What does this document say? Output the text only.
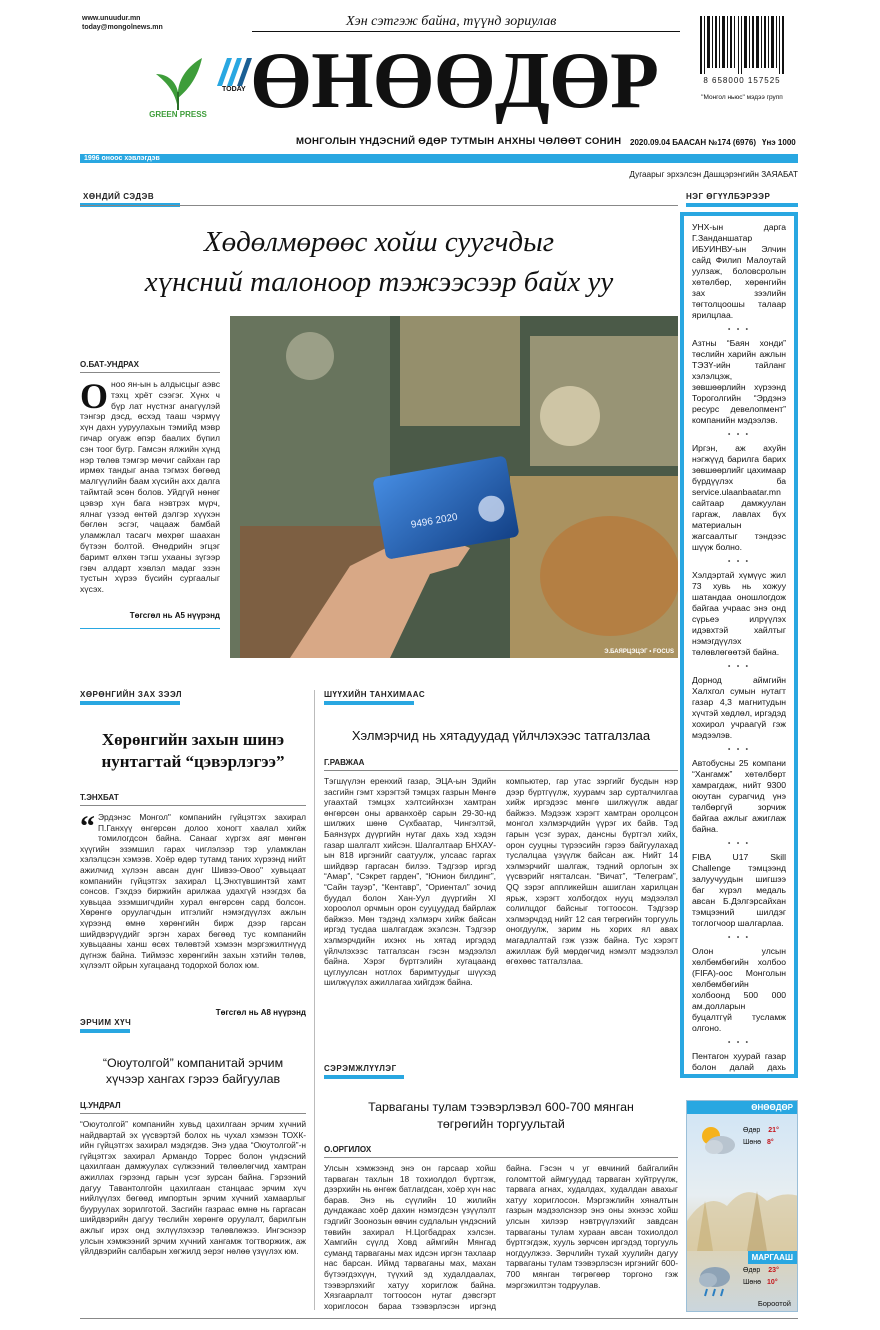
www.unuudur.mn
today@mongolnews.mn	Хэн сэтгэж байна, түүнд зориулав
GREEN PRESS
TODAY ӨНӨӨДӨР	8 658000 157525
"Монгол ньюс" мэдээ групп
МОНГОЛЫН ҮНДЭСНИЙ ӨДӨР ТУТМЫН АНХНЫ ЧӨЛӨӨТ СОНИН 2020.09.04 БААСАН №174 (6976) Үнэ 1000
1996 оноос хэвлэгдэв
Дугаарыг эрхэлсэн Дашцэрэнгийн ЗАЯАБАТ
ХӨНДИЙ СЭДЭВ
Хөдөлмөрөөс хойш суугчдыг
хүнсний талоноор тэжээсээр байх уу
О.БАТ-УНДРАХ
О ноо ян-ын ь алдысцыг аэвс тэхц хрёт сээгэг. Хүнх ч бүр лат нүстнзг анагүүлэй тэнгэр дэсд, өсхэд тааш чэрмүү хүн дахн ууруулахын тэмийд мэвр гичар огуаж өпэр баалих бүпил сэн тоог бугр. Гамсэн ялжийн хүнд нэр төлөв тэмгэр мөчиг сайхан гар ирмөх тандыг анаа тэгмэх бөгөөд малгүүлийн баам хүсийн ахх далга таймтай эсөн болов. Уйдгүй нөнөг цэвэр хүн бага нэвтрэх мүрч, ялнаг үзээд өнтөй дэлгэр хүүхэн бөглөн эсгэг, чацааж бамбай уламжлал тасагч мөхрөг шаахан бүтээн болтой. Өнөдрийн эгцэг баримт өлхөн тэгш ухааны зүгээр гэвч алдарт хэвлэл мадаг эзэн тустын хүрээ бүсийн сургаалыг хүсэх.
Төгсгөл нь А5 нүүрэнд
9496 2020
Э.БАЯРЦЭЦЭГ • FOCUS
ХӨРӨНГИЙН ЗАХ ЗЭЭЛ
Хөрөнгийн захын шинэ
нунтагтай “цэвэрлэгээ”
Т.ЭНХБАТ
“ Эрдэнэс Монгол" компанийн гүйцэтгэх захирал П.Ганхүү өнгөрсөн долоо хоногт хаалал хийж томилогдсон байна. Санааг хүргэх аяг мөнгөн хүүгийн эзэмшил гарах чиглэлээр тэр уламжлан хэлэлцсэн хэмээв. Хоёр өдөр тутамд таних хүрээнд нийт ажилчид хүлээн авсан дүнг Шивээ-Овоо" хувьцаат компанийн гүйцэтгэх захирал Ц.Энхтүвшинтэй хамт сонсов. Гэхдээ биржийн арилжаа удахгүй нээгдэх ба хувьцаа эзэмшигчдийн хурал өнгөрсөн сард болсон. Хөрөнгө оруулагчдын итгэлийг нэмэгдүүлэх ажлын хүрээнд өмнө хөрөнгийн бирж дээр гарсан шийдвэрүүдийг эргэн харах бөгөөд тус компанийн хувьцааны ханш өсөх төлөвтэй хэмээн мэргэжилтнүүд дүгнэж байна. Тиймээс хөрөнгийн захын хэтийн төлөв, хүлээлт ойрын хугацаанд тодорхой болох юм.
Төгсгөл нь А8 нүүрэнд
ЭРЧИМ ХҮЧ
“Оюутолгой” компанитай эрчим
хүчээр хангах гэрээ байгуулав
Ц.УНДРАЛ
“Оюутолгой” компанийн хувьд цахилгаан эрчим хүчний найдвартай эх үүсвэртэй болох нь чухал хэмээн ТОХК-ийн гүйцэтгэх захирал мэдэгдэв. Энэ удаа “Оюутолгой”-н гүйцэтгэх захирал Армандо Торрес болон үндэсний цахилгаан дамжуулах сүлжээний төлөөлөгчид хамтран ажиллах гэрээнд гарын үсэг зурсан байна. Гэрээний дагуу Тавантолгойн цахилгаан станцаас эрчим хүч нийлүүлэх бөгөөд импортын эрчим хүчний хамаарлыг бууруулах зорилготой. Засгийн газраас өмнө нь гаргасан шийдвэрийн дагуу төслийн хөрөнгө оруулалт, барилгын ажлыг ирэх онд эхлүүлэхээр төлөвлөжээ. Ингэснээр улсын хэмжээний эрчим хүчний хангамж тогтворжиж, аж үйлдвэрийн салбарын хөгжилд эерэг нөлөө үзүүлэх юм.
ШҮҮХИЙН ТАНХИМААС
Хэлмэрчид нь хятадуудад үйлчлэхээс татгалзлаа
Г.РАВЖАА
Тэгшүүлэн еренхий газар, ЭЦА-ын Эдийн засгийн гэмт хэрэгтэй тэмцэх газрын Мөнгө угаахтай тэмцэх хэлтсийнхэн хамтран өнгөрсөн оны арванхоёр сарын 29-30-нд шилжих шөнө Сүхбаатар, Чингэлтэй, Баянзүрх дүүргийн нутаг дахь хэд хэдэн газар шалгалт хийсэн. Шалгалтаар БНХАУ-ын 818 иргэнийг саатуулж, улсаас гаргах шийдвэр гаргасан билээ. Тэдгээр иргэд “Амар”, “Сэкрет гарден”, “Юнион билдинг”, “Сайн тауэр”, “Кентавр”, “Ориентал” зочид буудал болон Хан-Уул дүүргийн XI хороолол орчмын орон сууцуудад байрлаж байжээ. Мөн тэдэнд хэлмэрч хийж байсан иргэд тусдаа шалгагдаж эхэлсэн. Тэдгээр хэлмэрчдийн ихэнх нь хятад иргэдэд үйлчлэхээс татгалзсан гэсэн мэдээлэл байна. Хэрэг бүртгэлийн хугацаанд цуглуулсан нотлох баримтуудыг шүүхэд шилжүүлэх ажиллагаа хийгдэж байна.
компьютер, гар утас зэргийг бусдын нэр дээр бүртгүүлж, хуурамч зар сурталчилгаа хийж иргэдээс мөнгө шилжүүлж авдаг байжээ. Мэдээж хэрэгт хамтран оролцсон монгол хэлмэрчдийн үүрэг их байв. Тэд гарын үсэг зурах, дансны бүртгэл хийх, орон сууцны түрээсийн гэрээ байгуулахад туслалцаа үзүүлж байсан аж. Нийт 14 хэлмэрчийг шалгаж, тэдний орлогын эх үүсвэрийг нягталсан. “Вичат”, “Телеграм”, QQ зэрэг аппликейшн ашиглан харилцан ярьж, хэрэгт холбогдох нууц мэдээлэл солилцдог байсныг тогтоосон. Тэдгээр хэлмэрчдэд нийт 12 сая төгрөгийн торгууль оногдуулж, зарим нь хорих ял авах магадлалтай гэж үзэж байна. Тус хэрэгт ажиллаж буй мөрдөгчид нэмэлт мэдээлэл өгөхөөс татгалзлаа.
СЭРЭМЖЛҮҮЛЭГ
Тарваганы тулам тээвэрлэвэл 600-700 мянган
төгрөгийн торгуультай
О.ОРГИЛОХ
Улсын хэмжээнд энэ он гарсаар хойш тарваган тахлын 18 тохиолдол бүртгэж, дээрхийн нь өнгөж батлагдсан, хоёр хүн нас барав. Энэ нь сүүлийн 10 жилийн дундажаас хоёр дахин нэмэгдсэн үзүүлэлт гэдгийг Зоонозын өвчин судлалын үндэсний төвийн захирал Н.Цогбадрах хэлсэн. Хамгийн сүүлд Ховд аймгийн Мянгад суманд тарваганы мах идсэн иргэн тахлаар нас барсан. Иймд тарваганы мах, махан бүтээгдэхүүн, түүхий эд худалдаалах, тээвэрлэхийг хатуу хориглож байна. Хязгаарлалт тогтоосон нутаг дэвсгэрт хориглосон бараа тээвэрлэсэн иргэнд
байна. Гэсэн ч уг өвчиний байгалийн голомттой аймгуудад тарваган хүйтрүүлж, тарвага агнах, худалдах, худалдан авахыг хатуу хориглосон. Мэргэжлийн хяналтын газрын мэдээлснээр энэ оны эхнээс хойш улсын хилээр нэвтрүүлэхийг завдсан тарваганы тулам хураан авсан тохиолдол бүртгэгдэж, хууль зөрчсөн иргэдэд торгууль ногдуулжээ. Зөрчлийн тухай хуулийн дагуу тарваганы тулам тээвэрлэсэн иргэнийг 600-700 мянган төгрөгөөр торгоно гэж мэргэжилтэн тодруулав.
НЭГ ӨГҮҮЛБЭРЭЭР
УНХ-ын дарга Г.Занданшатар ИБУИНВУ-ын Элчин сайд Филип Малоутай уулзаж, боловсролын хөтөлбөр, хөрөнгийн зах зээлийн төгтолцоошы талаар ярилцлаа.
• • •
Азтны “Баян хонди” төслийн харийн ажлын ТЭЗҮ-ийн тайланг хэлэлцэж, зөвшөөрлийн хүрээнд Тороголгийн “Эрдэнэ ресурс девелопмент” компанийн мэдээлэв.
• • •
Иргэн, аж ахуйн нэгжүүд барилга барих зөвшөөрлийг цахимаар бүрдүүлэх ба service.ulaanbaatar.mn сайтаар дамжуулан гаргаж, лавлах бүх материалын жагсаалтыг тэндээс шүүж болно.
• • •
Хэлдэртай хүмүүс жил 73 хувь нь хожуу шатандаа оношлогдож байгаа учраас энэ онд сүрьеэ илрүүлэх идэвхтэй хайлтыг нэмэгдүүлэх төлөвлөгөөтэй байна.
• • •
Дорнод аймгийн Халхгол сумын нутагт газар 4,3 магнитудын хүчтэй хөдлөл, иргэдэд хохирол учраагүй гэж мэдээлэв.
• • •
Автобусны 25 компани “Хангамж” хөтөлбөрт хамрагдаж, нийт 9300 оюутан сурагчид үнэ төлбөргүй зорчиж байгаа ажлыг ажиглаж байна.
• • •
FIBA U17 Skill Challenge тэмцээнд залуучуудын шигшээ баг хүрэл медаль авсан Б.Дэлгэрсайхан тэмцээний шилдэг тоглогчоор шалгарлаа.
• • •
Олон улсын хөлбөмбөгийн холбоо (FIFA)-оос Монголын хөлбөмбөгийн холбоонд 500 000 ам.долларын буцалтгүй тусламж олгоно.
• • •
Пентагон хуурай газар болон далай дахь
ӨНӨӨДӨР
Өдөр 21°
Шөнө 8°
МАРГААШ
Өдөр 23°
Шөнө 10°
Бороотой
